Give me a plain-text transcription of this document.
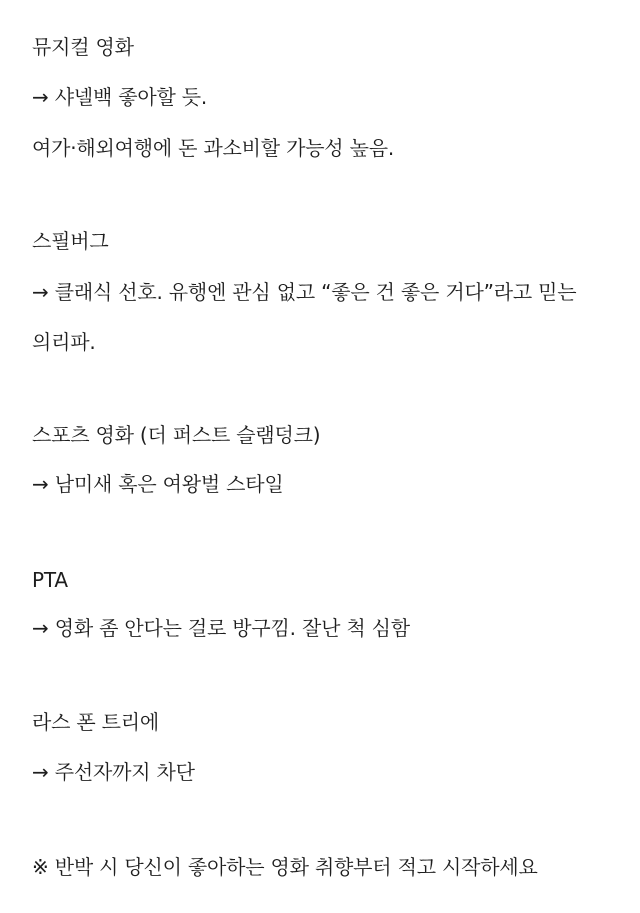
뮤지컬 영화
→ 샤넬백 좋아할 듯.
여가·해외여행에 돈 과소비할 가능성 높음.
스필버그
→ 클래식 선호. 유행엔 관심 없고 “좋은 건 좋은 거다”라고 믿는
의리파.
스포츠 영화 (더 퍼스트 슬램덩크)
→ 남미새 혹은 여왕벌 스타일
PTA
→ 영화 좀 안다는 걸로 방구낌. 잘난 척 심함
라스 폰 트리에
→ 주선자까지 차단
※ 반박 시 당신이 좋아하는 영화 취향부터 적고 시작하세요
